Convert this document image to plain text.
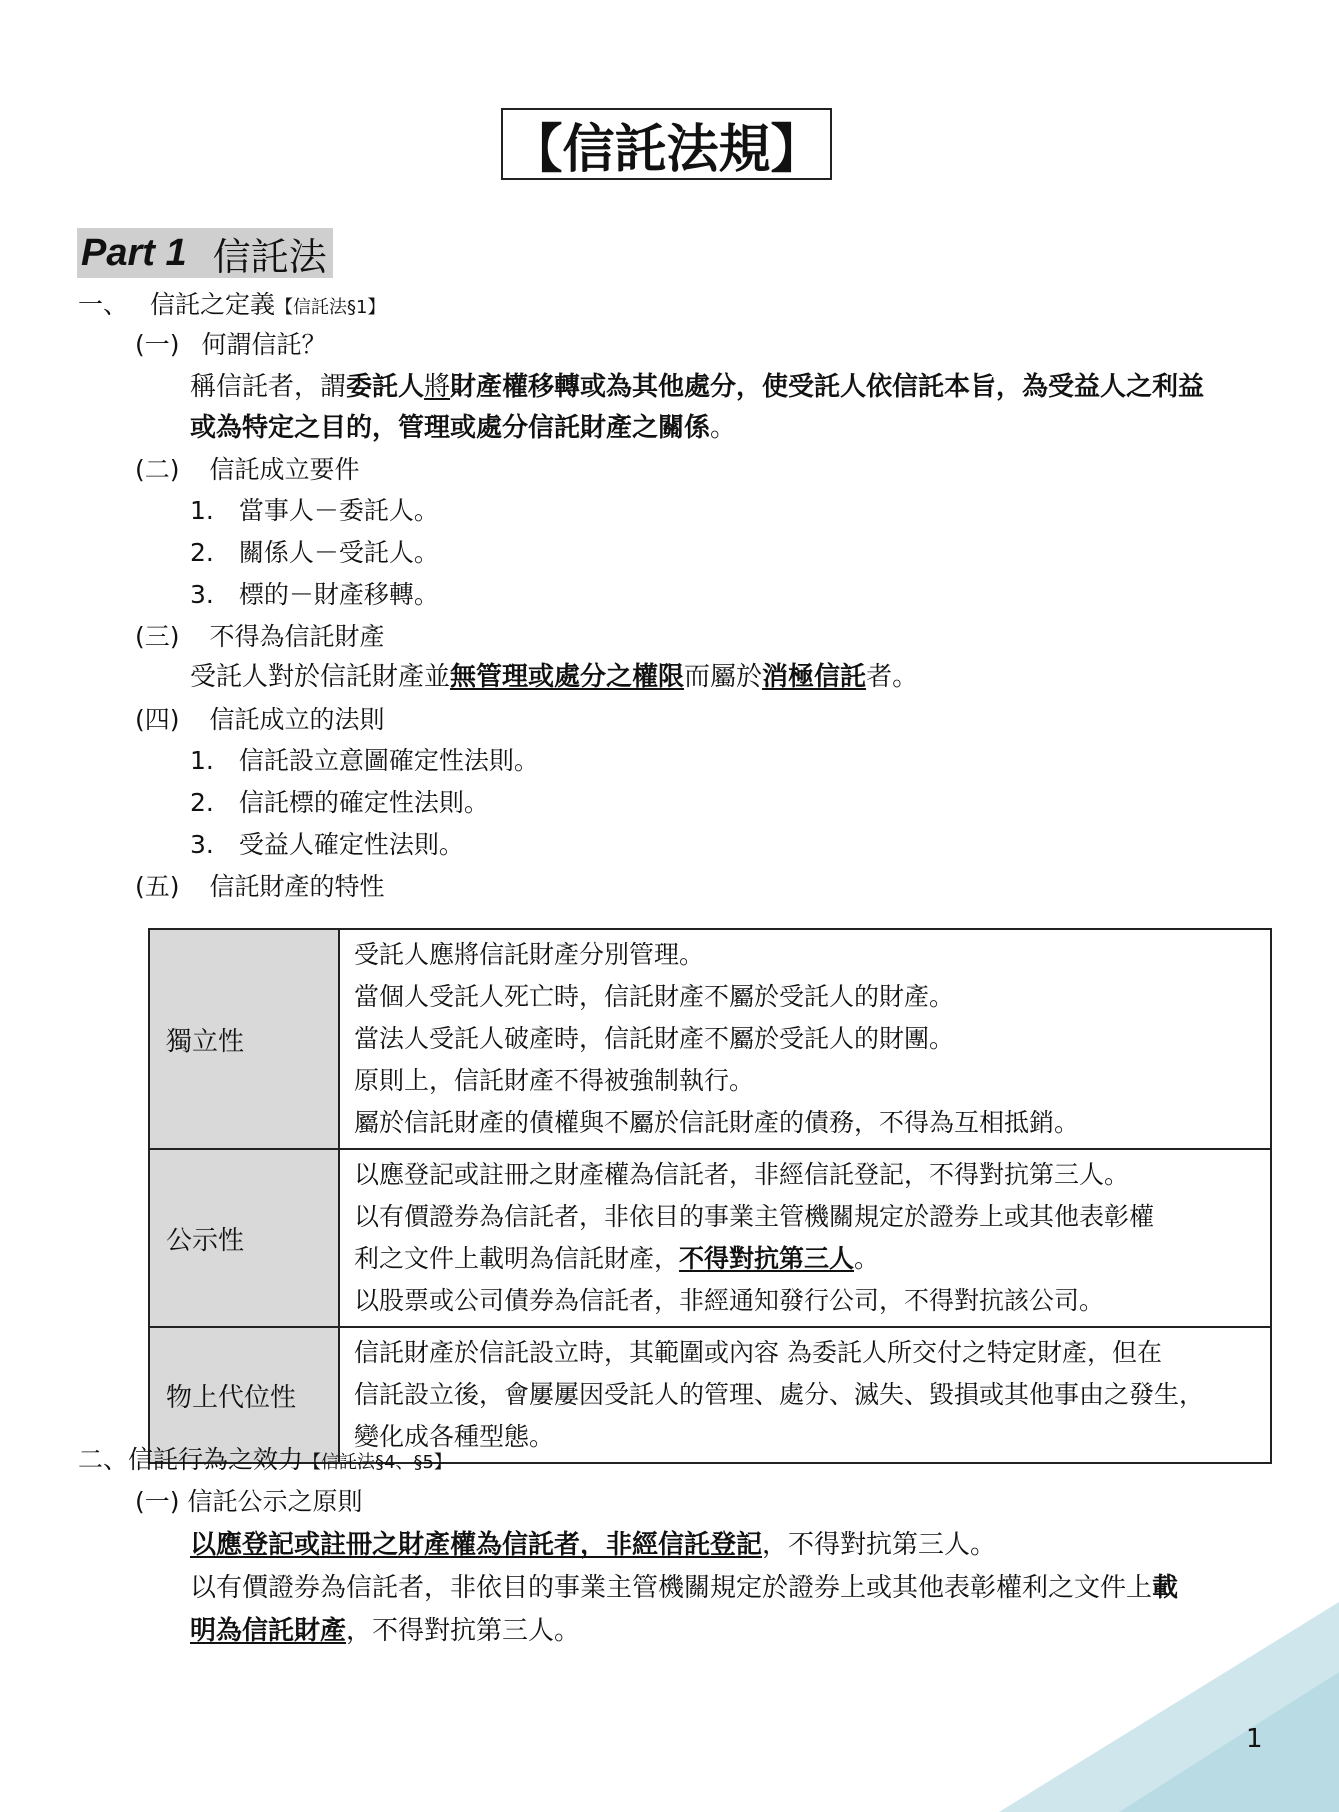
【信託法規】
Part 1 信託法
一、 信託之定義【信託法§1】
(一) 何謂信託？
稱信託者，謂委託人將財產權移轉或為其他處分，使受託人依信託本旨，為受益人之利益
或為特定之目的，管理或處分信託財產之關係。
(二) 信託成立要件
1.　當事人－委託人。
2.　關係人－受託人。
3.　標的－財產移轉。
(三) 不得為信託財產
受託人對於信託財產並無管理或處分之權限而屬於消極信託者。
(四) 信託成立的法則
1.　信託設立意圖確定性法則。
2.　信託標的確定性法則。
3.　受益人確定性法則。
(五) 信託財產的特性
獨立性	受託人應將信託財產分別管理。
當個人受託人死亡時，信託財產不屬於受託人的財產。
當法人受託人破產時，信託財產不屬於受託人的財團。
原則上，信託財產不得被強制執行。
屬於信託財產的債權與不屬於信託財產的債務，不得為互相抵銷。

公示性	以應登記或註冊之財產權為信託者，非經信託登記，不得對抗第三人。
以有價證券為信託者，非依目的事業主管機關規定於證券上或其他表彰權
利之文件上載明為信託財產，不得對抗第三人。
以股票或公司債券為信託者，非經通知發行公司，不得對抗該公司。

物上代位性	信託財產於信託設立時，其範圍或內容 為委託人所交付之特定財產，但在
信託設立後，會屢屢因受託人的管理、處分、滅失、毀損或其他事由之發生，
變化成各種型態。
二、信託行為之效力【信託法§4、§5】
(一) 信託公示之原則
以應登記或註冊之財產權為信託者，非經信託登記，不得對抗第三人。
以有價證券為信託者，非依目的事業主管機關規定於證券上或其他表彰權利之文件上載
明為信託財產，不得對抗第三人。
1
